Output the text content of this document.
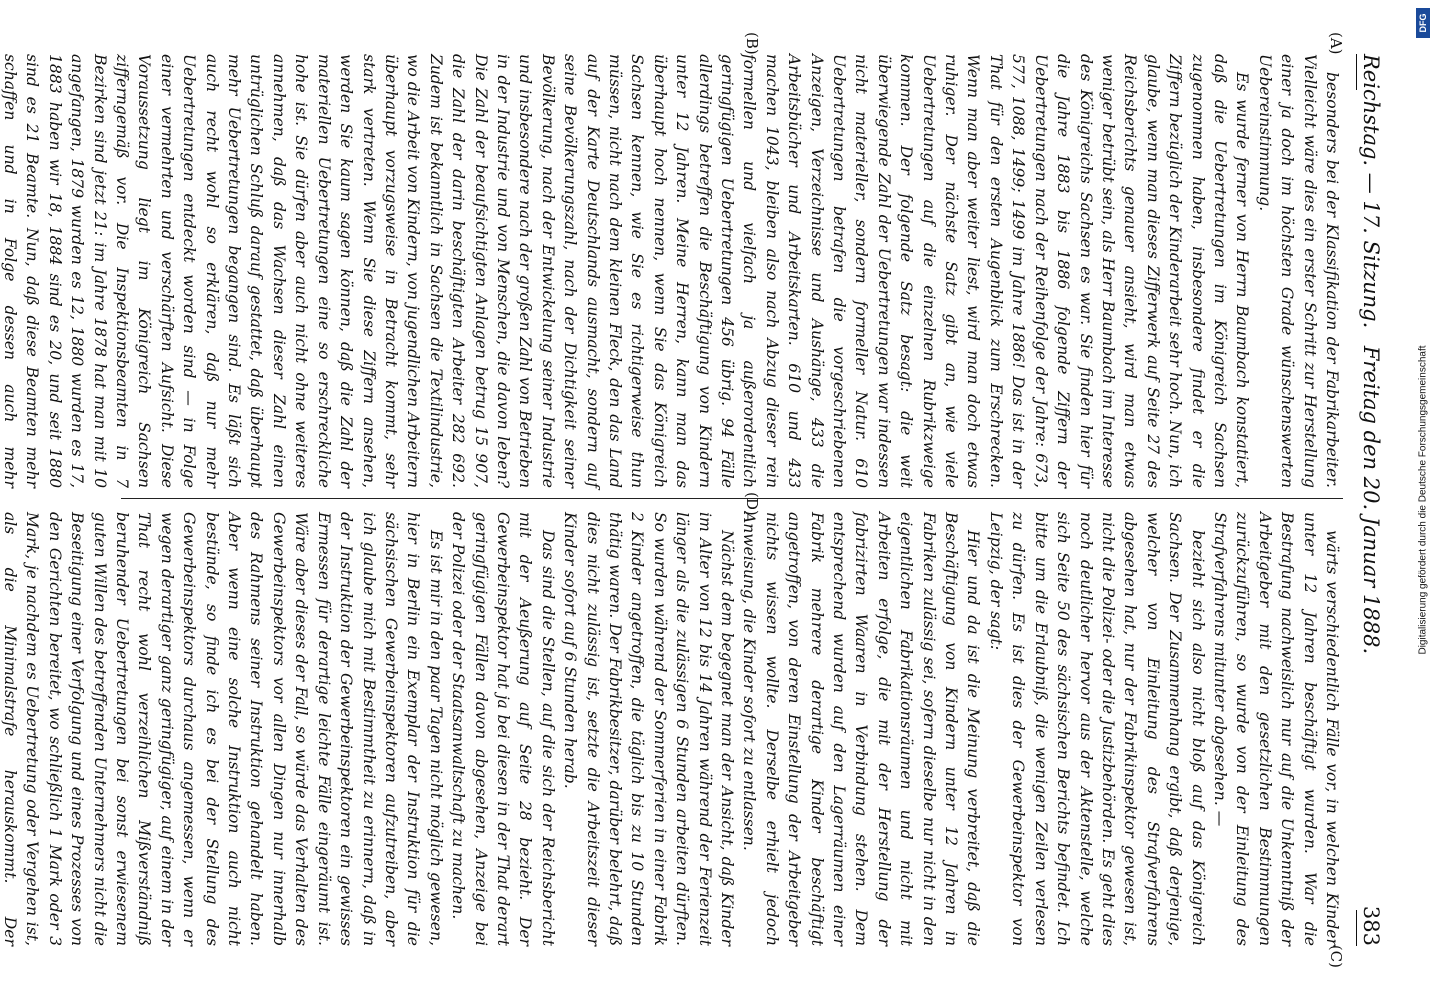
Reichstag. — 17. Sitzung.
Freitag den 20. Januar 1888.
383
(A)
(B)
(C)
(D)

besonders bei der Klassifikation der Fabrikarbeiter. Vielleicht wäre dies ein erster Schritt zur Herstellung einer ja doch im höchsten Grade wünschenswerten Uebereinstimmung.

Es wurde ferner von Herrn Baumbach konstatiert, daß die Uebertretungen im Königreich Sachsen zugenommen haben, insbesondere findet er die Ziffern bezüglich der Kinderarbeit sehr hoch. Nun, ich glaube, wenn man dieses Zifferwerk auf Seite 27 des Reichsberichts genauer ansieht, wird man etwas weniger betrübt sein, als Herr Baumbach im Interesse des Königreichs Sachsen es war. Sie finden hier für die Jahre 1883 bis 1886 folgende Ziffern der Uebertretungen nach der Reihenfolge der Jahre: 673, 577, 1088, 1499; 1499 im Jahre 1886! Das ist in der That für den ersten Augenblick zum Erschrecken. Wenn man aber weiter liest, wird man doch etwas ruhiger. Der nächste Satz gibt an, wie viele Uebertretungen auf die einzelnen Rubrikzweige kommen. Der folgende Satz besagt: die weit überwiegende Zahl der Uebertretungen war indessen nicht materieller, sondern formeller Natur. 610 Uebertretungen betrafen die vorgeschriebenen Anzeigen, Verzeichnisse und Aushänge, 433 die Arbeitsbücher und Arbeitskarten. 610 und 433 machen 1043, bleiben also nach Abzug dieser rein formellen und vielfach ja außerordentlich geringfügigen Uebertretungen 456 übrig. 94 Fälle allerdings betreffen die Beschäftigung von Kindern unter 12 Jahren. Meine Herren, kann man das überhaupt hoch nennen, wenn Sie das Königreich Sachsen kennen, wie Sie es richtigerweise thun müssen, nicht nach dem kleinen Fleck, den das Land auf der Karte Deutschlands ausmacht, sondern auf seine Bevölkerungszahl, nach der Dichtigkeit seiner Bevölkerung, nach der Entwickelung seiner Industrie und insbesondere nach der großen Zahl von Betrieben in der Industrie und von Menschen, die davon leben? Die Zahl der beaufsichtigten Anlagen betrug 15 907, die Zahl der darin beschäftigten Arbeiter 282 692. Zudem ist bekanntlich in Sachsen die Textilindustrie, wo die Arbeit von Kindern, von jugendlichen Arbeitern überhaupt vorzugsweise in Betracht kommt, sehr stark vertreten. Wenn Sie diese Ziffern ansehen, werden Sie kaum sagen können, daß die Zahl der materiellen Uebertretungen eine so erschreckliche hohe ist. Sie dürfen aber auch nicht ohne weiteres annehmen, daß das Wachsen dieser Zahl einen untrüglichen Schluß darauf gestattet, daß überhaupt mehr Uebertretungen begangen sind. Es läßt sich auch recht wohl so erklären, daß nur mehr Uebertretungen entdeckt worden sind — in Folge einer vermehrten und verschärften Aufsicht. Diese Voraussetzung liegt im Königreich Sachsen zifferngemäß vor. Die Inspektionsbeamten in 7 Bezirken sind jetzt 21: im Jahre 1878 hat man mit 10 angefangen, 1879 wurden es 12, 1880 wurden es 17, 1883 haben wir 18, 1884 sind es 20, und seit 1880 sind es 21 Beamte. Nun, daß diese Beamten mehr schaffen und in Folge dessen auch mehr

wärts verschiedentlich Fälle vor, in welchen Kinder unter 12 Jahren beschäftigt wurden. War die Bestrafung nachweislich nur auf die Unkenntniß der Arbeitgeber mit den gesetzlichen Bestimmungen zurückzuführen, so wurde von der Einleitung des Strafverfahrens mitunter abgesehen. —

bezieht sich also nicht bloß auf das Königreich Sachsen. Der Zusammenhang ergibt, daß derjenige, welcher von Einleitung des Strafverfahrens abgesehen hat, nur der Fabrikinspektor gewesen ist, nicht die Polizei- oder die Justizbehörden. Es geht dies noch deutlicher hervor aus der Aktenstelle, welche sich Seite 50 des sächsischen Berichts befindet. Ich bitte um die Erlaubniß, die wenigen Zeilen verlesen zu dürfen. Es ist dies der Gewerbeinspektor von Leipzig, der sagt:

Hier und da ist die Meinung verbreitet, daß die Beschäftigung von Kindern unter 12 Jahren in Fabriken zulässig sei, sofern dieselbe nur nicht in den eigentlichen Fabrikationsräumen und nicht mit Arbeiten erfolge, die mit der Herstellung der fabrizirten Waaren in Verbindung stehen. Dem entsprechend wurden auf den Lagerräumen einer Fabrik mehrere derartige Kinder beschäftigt angetroffen, von deren Einstellung der Arbeitgeber nichts wissen wollte. Derselbe erhielt jedoch Anweisung, die Kinder sofort zu entlassen.

Nächst dem begegnet man der Ansicht, daß Kinder im Alter von 12 bis 14 Jahren während der Ferienzeit länger als die zulässigen 6 Stunden arbeiten dürften. So wurden während der Sommerferien in einer Fabrik 2 Kinder angetroffen, die täglich bis zu 10 Stunden thätig waren. Der Fabrikbesitzer, darüber belehrt, daß dies nicht zulässig ist, setzte die Arbeitszeit dieser Kinder sofort auf 6 Stunden herab.

Das sind die Stellen, auf die sich der Reichsbericht mit der Aeußerung auf Seite 28 bezieht. Der Gewerbeinspektor hat ja bei diesen in der That derart geringfügigen Fällen davon abgesehen, Anzeige bei der Polizei oder der Staatsanwaltschaft zu machen.

Es ist mir in den paar Tagen nicht möglich gewesen, hier in Berlin ein Exemplar der Instruktion für die sächsischen Gewerbeinspektoren aufzutreiben, aber ich glaube mich mit Bestimmtheit zu erinnern, daß in der Instruktion der Gewerbeinspektoren ein gewisses Ermessen für derartige leichte Fälle eingeräumt ist. Wäre aber dieses der Fall, so würde das Verhalten des Gewerbeinspektors vor allen Dingen nur innerhalb des Rahmens seiner Instruktion gehandelt haben. Aber wenn eine solche Instruktion auch nicht bestünde, so finde ich es bei der Stellung des Gewerbeinspektors durchaus angemessen, wenn er wegen derartiger ganz geringfügiger, auf einem in der That recht wohl verzeihlichen Mißverständniß beruhender Uebertretungen bei sonst erwiesenem guten Willen des betreffenden Unternehmers nicht die Beseitigung einer Verfolgung und eines Prozesses von den Gerichten bereitet, wo schließlich 1 Mark oder 3 Mark, je nachdem es Uebertretung oder Vergehen ist, als die Minimalstrafe herauskommt. Der

Digitalisierung gefördert durch die Deutsche Forschungsgemeinschaft
DFG
